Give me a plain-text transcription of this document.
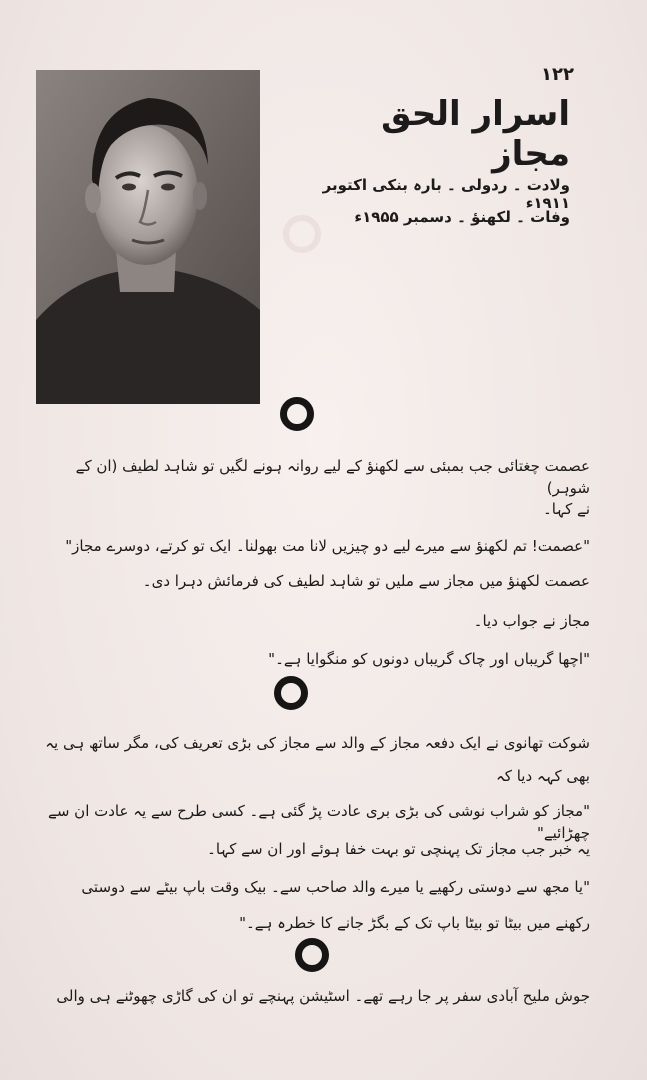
۱۲۲
اسرار الحق مجاز
ولادت ۔ ردولی ۔ بارہ بنکی اکتوبر ۱۹۱۱ء
وفات ۔ لکھنؤ ۔ دسمبر ۱۹۵۵ء
عصمت چغتائی جب بمبئی سے لکھنؤ کے لیے روانہ ہونے لگیں تو شاہد لطیف (ان کے شوہر)
نے کہا۔
"عصمت! تم لکھنؤ سے میرے لیے دو چیزیں لانا مت بھولنا۔ ایک تو کرتے، دوسرے مجاز"
عصمت لکھنؤ میں مجاز سے ملیں تو شاہد لطیف کی فرمائش دہرا دی۔
مجاز نے جواب دیا۔
"اچھا گریباں اور چاک گریباں دونوں کو منگوایا ہے۔"
شوکت تھانوی نے ایک دفعہ مجاز کے والد سے مجاز کی بڑی تعریف کی، مگر ساتھ ہی یہ
بھی کہہ دیا کہ
"مجاز کو شراب نوشی کی بڑی بری عادت پڑ گئی ہے۔ کسی طرح سے یہ عادت ان سے چھڑائیے"
یہ خبر جب مجاز تک پہنچی تو بہت خفا ہوئے اور ان سے کہا۔
"یا مجھ سے دوستی رکھیے یا میرے والد صاحب سے۔ بیک وقت باپ بیٹے سے دوستی
رکھنے میں بیٹا تو بیٹا باپ تک کے بگڑ جانے کا خطرہ ہے۔"
جوش ملیح آبادی سفر پر جا رہے تھے۔ اسٹیشن پہنچے تو ان کی گاڑی چھوٹنے ہی والی
